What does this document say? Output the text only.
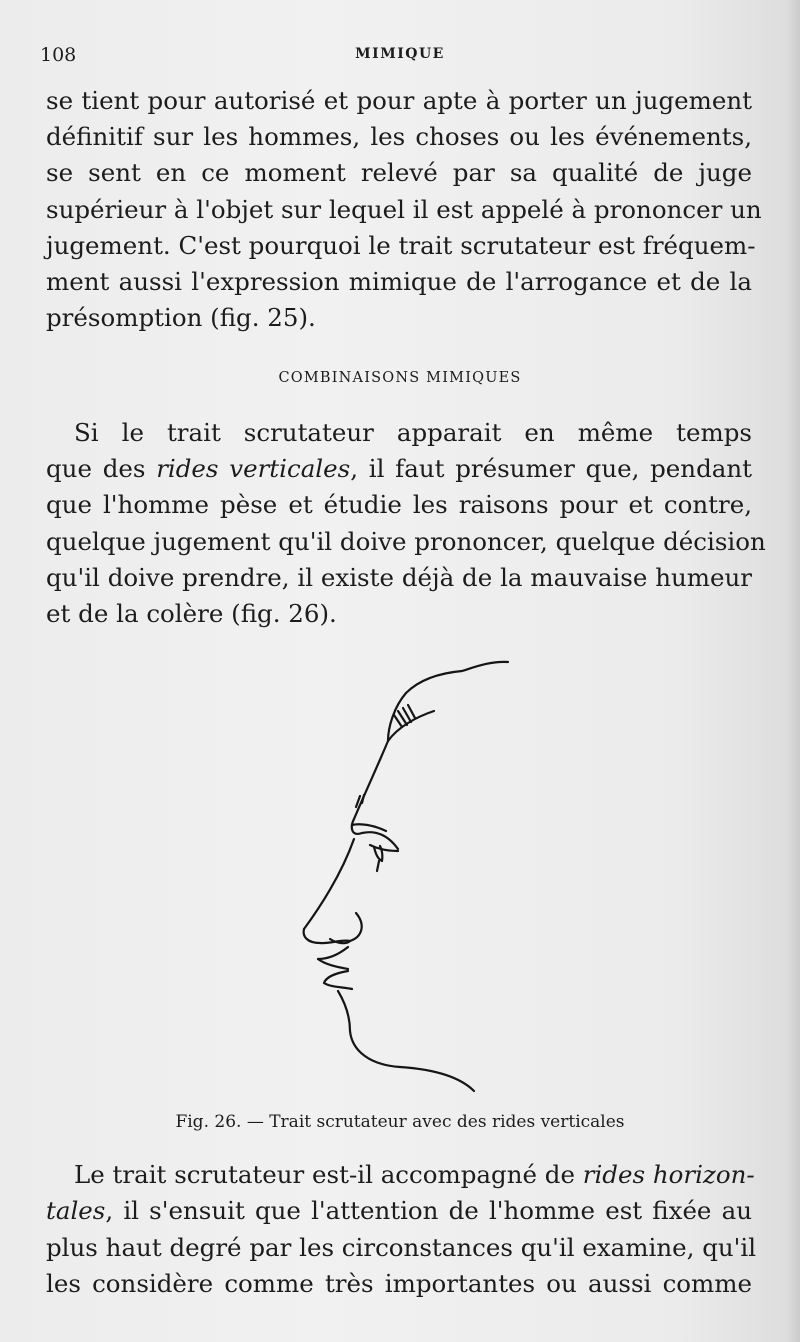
108	MIMIQUE
se tient pour autorisé et pour apte à porter un jugement
définitif sur les hommes, les choses ou les événements,
se sent en ce moment relevé par sa qualité de juge
supérieur à l'objet sur lequel il est appelé à prononcer un
jugement. C'est pourquoi le trait scrutateur est fréquem-
ment aussi l'expression mimique de l'arrogance et de la
présomption (fig. 25).
COMBINAISONS MIMIQUES
Si le trait scrutateur apparait en même temps
que des rides verticales, il faut présumer que, pendant
que l'homme pèse et étudie les raisons pour et contre,
quelque jugement qu'il doive prononcer, quelque décision
qu'il doive prendre, il existe déjà de la mauvaise humeur
et de la colère (fig. 26).
Fig. 26. — Trait scrutateur avec des rides verticales
Le trait scrutateur est-il accompagné de rides horizon-
tales, il s'ensuit que l'attention de l'homme est fixée au
plus haut degré par les circonstances qu'il examine, qu'il
les considère comme très importantes ou aussi comme
